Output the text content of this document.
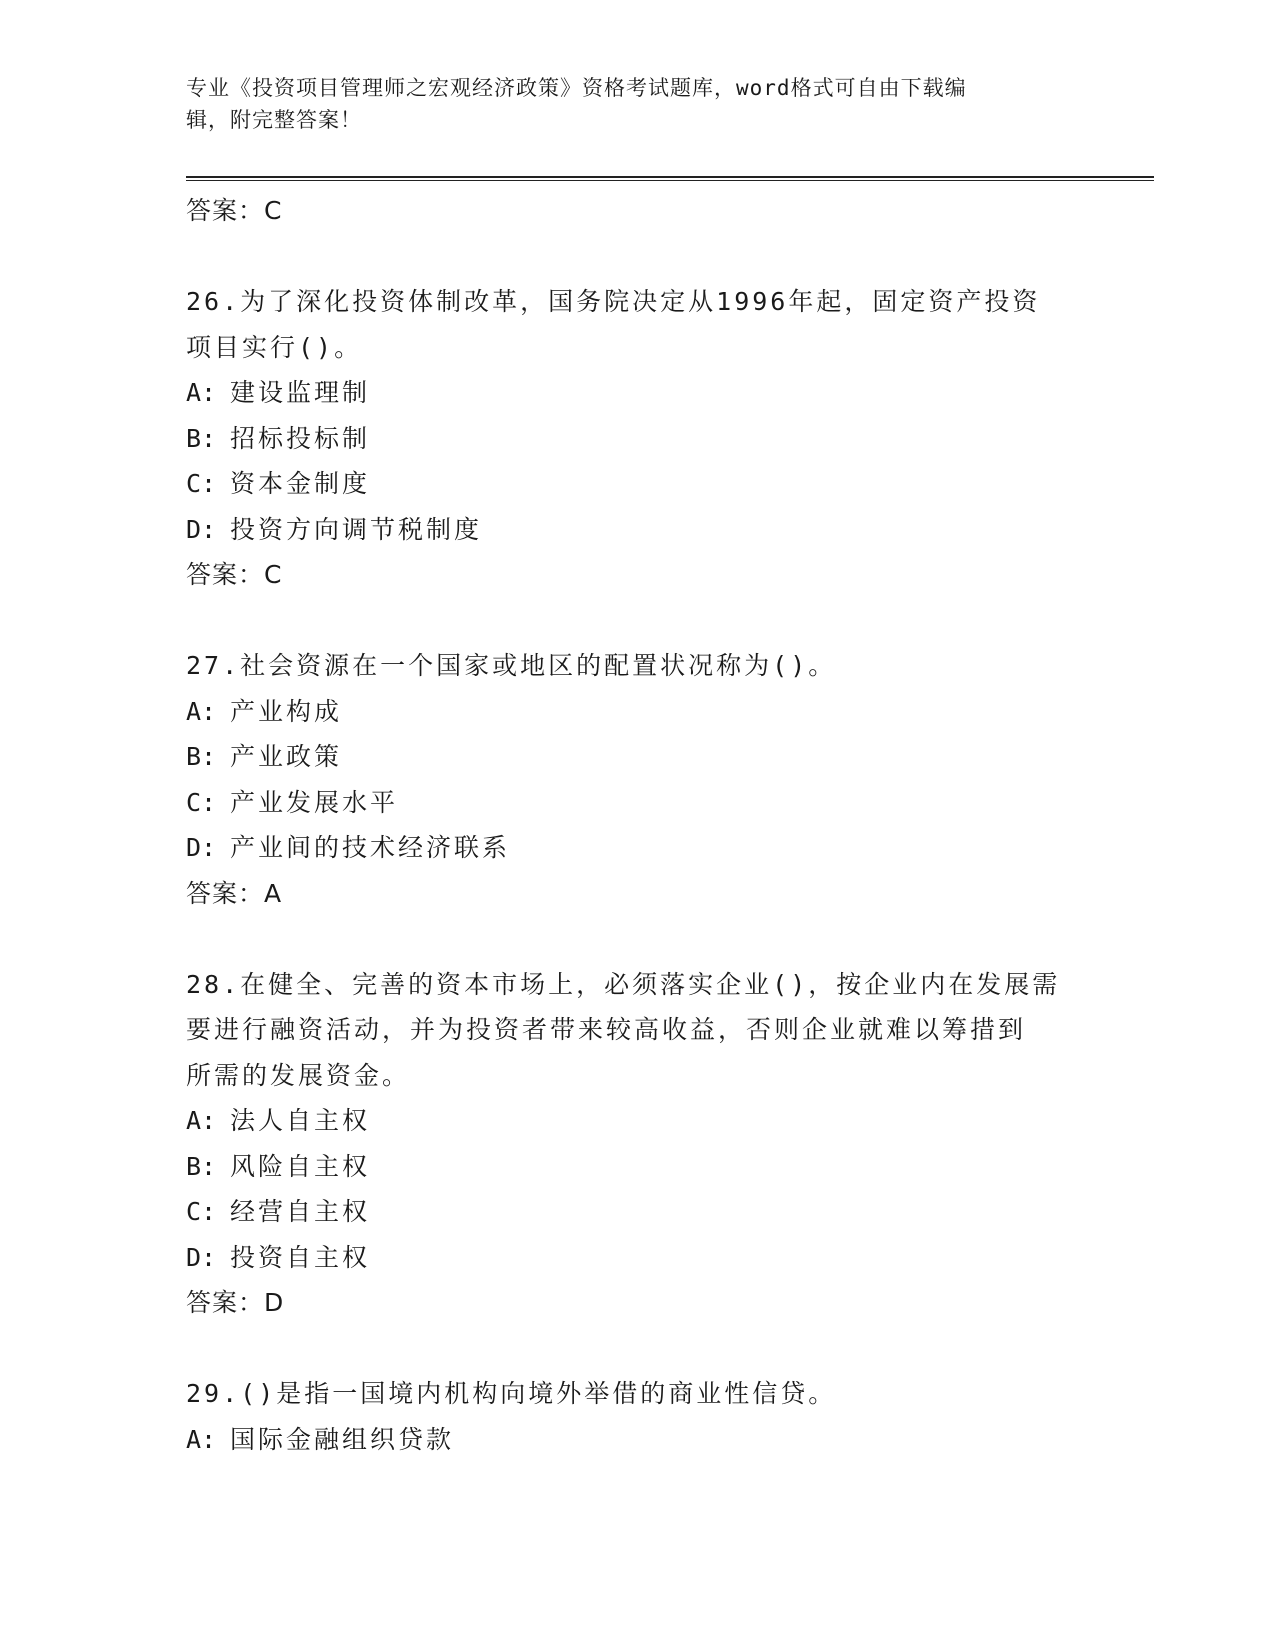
专业《投资项目管理师之宏观经济政策》资格考试题库，word格式可自由下载编
辑，附完整答案！
答案：C
26.为了深化投资体制改革，国务院决定从1996年起，固定资产投资
项目实行()。
A: 建设监理制
B: 招标投标制
C: 资本金制度
D: 投资方向调节税制度
答案：C
27.社会资源在一个国家或地区的配置状况称为()。
A: 产业构成
B: 产业政策
C: 产业发展水平
D: 产业间的技术经济联系
答案：A
28.在健全、完善的资本市场上，必须落实企业()，按企业内在发展需
要进行融资活动，并为投资者带来较高收益，否则企业就难以筹措到
所需的发展资金。
A: 法人自主权
B: 风险自主权
C: 经营自主权
D: 投资自主权
答案：D
29.()是指一国境内机构向境外举借的商业性信贷。
A: 国际金融组织贷款
